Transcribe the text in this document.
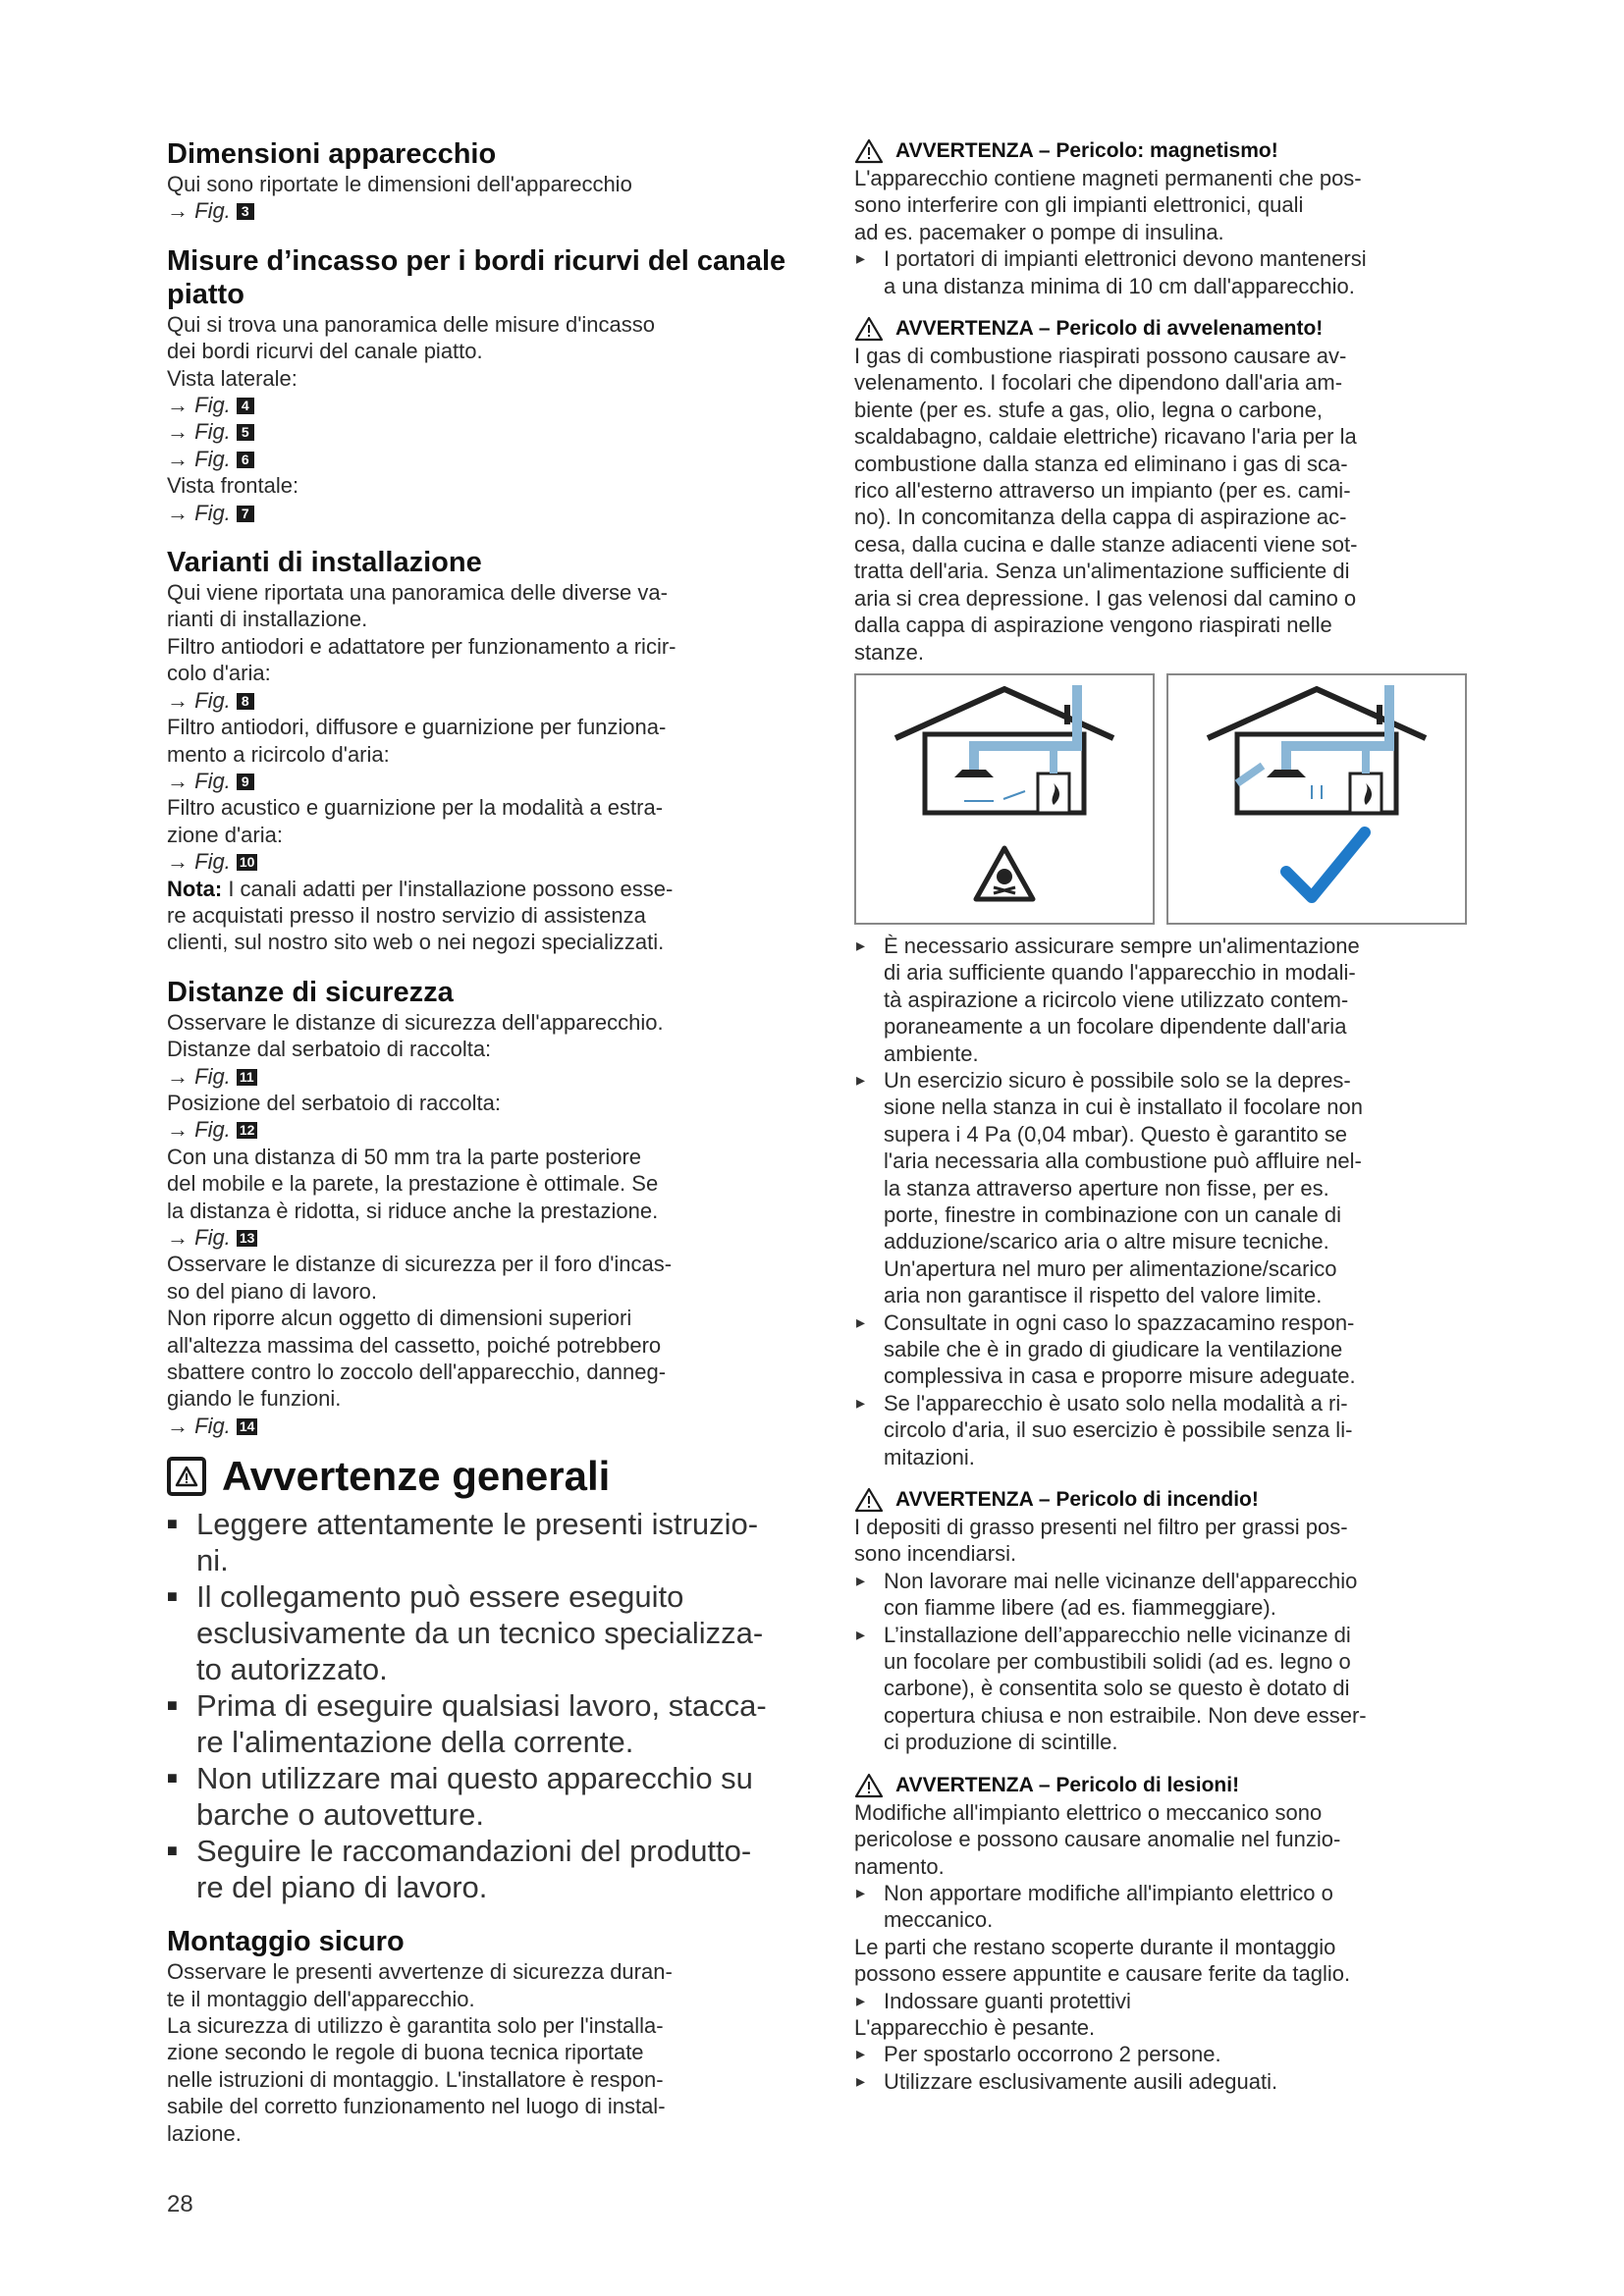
Dimensioni apparecchio

Qui sono riportate le dimensioni dell'apparecchio

→ Fig. 3

Misure d’incasso per i bordi ricurvi del canale piatto

Qui si trova una panoramica delle misure d'incasso

dei bordi ricurvi del canale piatto.

Vista laterale:

→ Fig. 4

→ Fig. 5

→ Fig. 6

Vista frontale:

→ Fig. 7

Varianti di installazione

Qui viene riportata una panoramica delle diverse va-

rianti di installazione.

Filtro antiodori e adattatore per funzionamento a ricir-

colo d'aria:

→ Fig. 8

Filtro antiodori, diffusore e guarnizione per funziona-

mento a ricircolo d'aria:

→ Fig. 9

Filtro acustico e guarnizione per la modalità a estra-

zione d'aria:

→ Fig. 10

Nota: I canali adatti per l'installazione possono esse-

re acquistati presso il nostro servizio di assistenza

clienti, sul nostro sito web o nei negozi specializzati.

Distanze di sicurezza

Osservare le distanze di sicurezza dell'apparecchio.

Distanze dal serbatoio di raccolta:

→ Fig. 11

Posizione del serbatoio di raccolta:

→ Fig. 12

Con una distanza di 50 mm tra la parte posteriore

del mobile e la parete, la prestazione è ottimale. Se

la distanza è ridotta, si riduce anche la prestazione.

→ Fig. 13

Osservare le distanze di sicurezza per il foro d'incas-

so del piano di lavoro.

Non riporre alcun oggetto di dimensioni superiori

all'altezza massima del cassetto, poiché potrebbero

sbattere contro lo zoccolo dell'apparecchio, danneg-

giando le funzioni.

→ Fig. 14

Avvertenze generali
■ Leggere attentamente le presenti istruzio-
ni.
■ Il collegamento può essere eseguito
esclusivamente da un tecnico specializza-
to autorizzato.
■ Prima di eseguire qualsiasi lavoro, stacca-
re l'alimentazione della corrente.
■ Non utilizzare mai questo apparecchio su
barche o autovetture.
■ Seguire le raccomandazioni del produtto-
re del piano di lavoro.
Montaggio sicuro

Osservare le presenti avvertenze di sicurezza duran-

te il montaggio dell'apparecchio.

La sicurezza di utilizzo è garantita solo per l'installa-

zione secondo le regole di buona tecnica riportate

nelle istruzioni di montaggio. L'installatore è respon-

sabile del corretto funzionamento nel luogo di instal-

lazione.

AVVERTENZA – Pericolo: magnetismo!

L'apparecchio contiene magneti permanenti che pos-

sono interferire con gli impianti elettronici, quali

ad es. pacemaker o pompe di insulina.

▸ I portatori di impianti elettronici devono mantenersi
a una distanza minima di 10 cm dall'apparecchio.

AVVERTENZA – Pericolo di avvelenamento!

I gas di combustione riaspirati possono causare av-

velenamento. I focolari che dipendono dall'aria am-

biente (per es. stufe a gas, olio, legna o carbone,

scaldabagno, caldaie elettriche) ricavano l'aria per la

combustione dalla stanza ed eliminano i gas di sca-

rico all'esterno attraverso un impianto (per es. cami-

no). In concomitanza della cappa di aspirazione ac-

cesa, dalla cucina e dalle stanze adiacenti viene sot-

tratta dell'aria. Senza un'alimentazione sufficiente di

aria si crea depressione. I gas velenosi dal camino o

dalla cappa di aspirazione vengono riaspirati nelle

stanze.

▸ È necessario assicurare sempre un'alimentazione
di aria sufficiente quando l'apparecchio in modali-
tà aspirazione a ricircolo viene utilizzato contem-
poraneamente a un focolare dipendente dall'aria
ambiente.
▸ Un esercizio sicuro è possibile solo se la depres-
sione nella stanza in cui è installato il focolare non
supera i 4 Pa (0,04 mbar). Questo è garantito se
l'aria necessaria alla combustione può affluire nel-
la stanza attraverso aperture non fisse, per es.
porte, finestre in combinazione con un canale di
adduzione/scarico aria o altre misure tecniche.
Un'apertura nel muro per alimentazione/scarico
aria non garantisce il rispetto del valore limite.
▸ Consultate in ogni caso lo spazzacamino respon-
sabile che è in grado di giudicare la ventilazione
complessiva in casa e proporre misure adeguate.
▸ Se l'apparecchio è usato solo nella modalità a ri-
circolo d'aria, il suo esercizio è possibile senza li-
mitazioni.

AVVERTENZA – Pericolo di incendio!

I depositi di grasso presenti nel filtro per grassi pos-

sono incendiarsi.

▸ Non lavorare mai nelle vicinanze dell'apparecchio
con fiamme libere (ad es. fiammeggiare).
▸ L’installazione dell’apparecchio nelle vicinanze di
un focolare per combustibili solidi (ad es. legno o
carbone), è consentita solo se questo è dotato di
copertura chiusa e non estraibile. Non deve esser-
ci produzione di scintille.

AVVERTENZA – Pericolo di lesioni!

Modifiche all'impianto elettrico o meccanico sono

pericolose e possono causare anomalie nel funzio-

namento.

▸ Non apportare modifiche all'impianto elettrico o
meccanico.

Le parti che restano scoperte durante il montaggio

possono essere appuntite e causare ferite da taglio.

▸ Indossare guanti protettivi

L'apparecchio è pesante.

▸ Per spostarlo occorrono 2 persone.
▸ Utilizzare esclusivamente ausili adeguati.
28
